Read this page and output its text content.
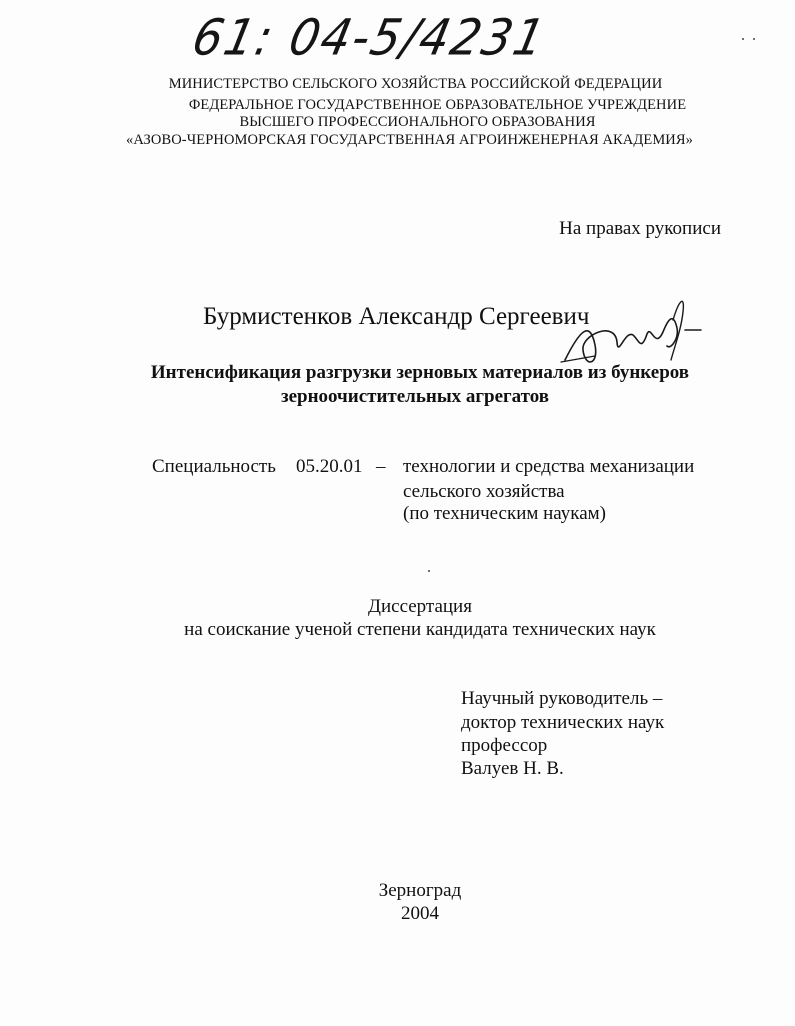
61: 04-5/4231
МИНИСТЕРСТВО СЕЛЬСКОГО ХОЗЯЙСТВА РОССИЙСКОЙ ФЕДЕРАЦИИ
ФЕДЕРАЛЬНОЕ ГОСУДАРСТВЕННОЕ ОБРАЗОВАТЕЛЬНОЕ УЧРЕЖДЕНИЕ
ВЫСШЕГО ПРОФЕССИОНАЛЬНОГО ОБРАЗОВАНИЯ
«АЗОВО-ЧЕРНОМОРСКАЯ ГОСУДАРСТВЕННАЯ АГРОИНЖЕНЕРНАЯ АКАДЕМИЯ»
На правах рукописи
Бурмистенков Александр Сергеевич
Интенсификация разгрузки зерновых материалов из бункеров
зерноочистительных агрегатов
Специальность 05.20.01 – технологии и средства механизации
сельского хозяйства
(по техническим наукам)
Диссертация
на соискание ученой степени кандидата технических наук
Научный руководитель –
доктор технических наук
профессор
Валуев Н. В.
Зерноград
2004
